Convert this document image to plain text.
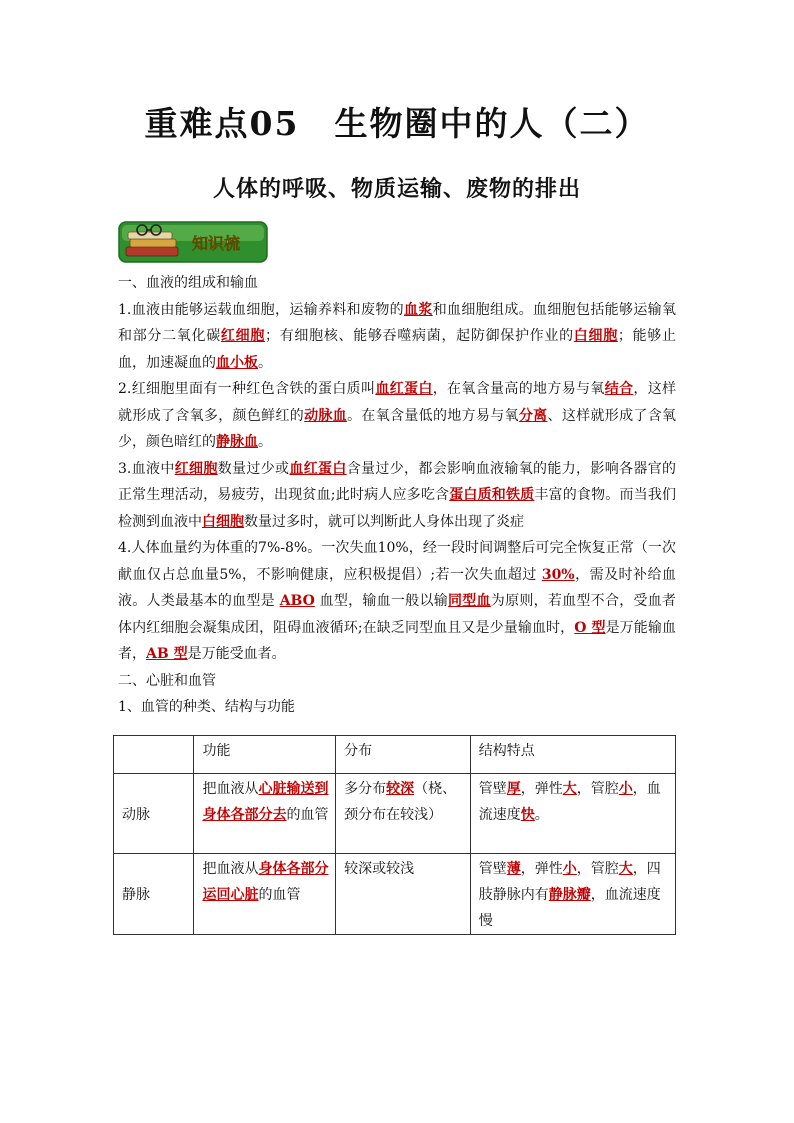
重难点05　生物圈中的人（二）
人体的呼吸、物质运输、废物的排出
知识梳

一、血液的组成和输血

1.血液由能够运载血细胞，运输养料和废物的血浆和血细胞组成。血细胞包括能够运输氧和部分二氧化碳红细胞；有细胞核、能够吞噬病菌，起防御保护作业的白细胞；能够止血，加速凝血的血小板。

2.红细胞里面有一种红色含铁的蛋白质叫血红蛋白，在氧含量高的地方易与氧结合，这样就形成了含氧多，颜色鲜红的动脉血。在氧含量低的地方易与氧分离、这样就形成了含氧少，颜色暗红的静脉血。

3.血液中红细胞数量过少或血红蛋白含量过少，都会影响血液输氧的能力，影响各器官的正常生理活动，易疲劳，出现贫血;此时病人应多吃含蛋白质和铁质丰富的食物。而当我们检测到血液中白细胞数量过多时，就可以判断此人身体出现了炎症

4.人体血量约为体重的7%-8%。一次失血10%，经一段时间调整后可完全恢复正常（一次献血仅占总血量5%，不影响健康，应积极提倡）;若一次失血超过 30%，需及时补给血液。人类最基本的血型是 ABO 血型，输血一般以输同型血为原则，若血型不合，受血者体内红细胞会凝集成团，阻碍血液循环;在缺乏同型血且又是少量输血时，O 型是万能输血者，AB 型是万能受血者。

二、心脏和血管

1、血管的种类、结构与功能

	功能	分布	结构特点
动脉	把血液从心脏输送到身体各部分去的血管	多分布较深（桡、颈分布在较浅）	管壁厚，弹性大，管腔小，血流速度快。
静脉	把血液从身体各部分运回心脏的血管	较深或较浅	管壁薄，弹性小，管腔大，四肢静脉内有静脉瓣，血流速度慢
